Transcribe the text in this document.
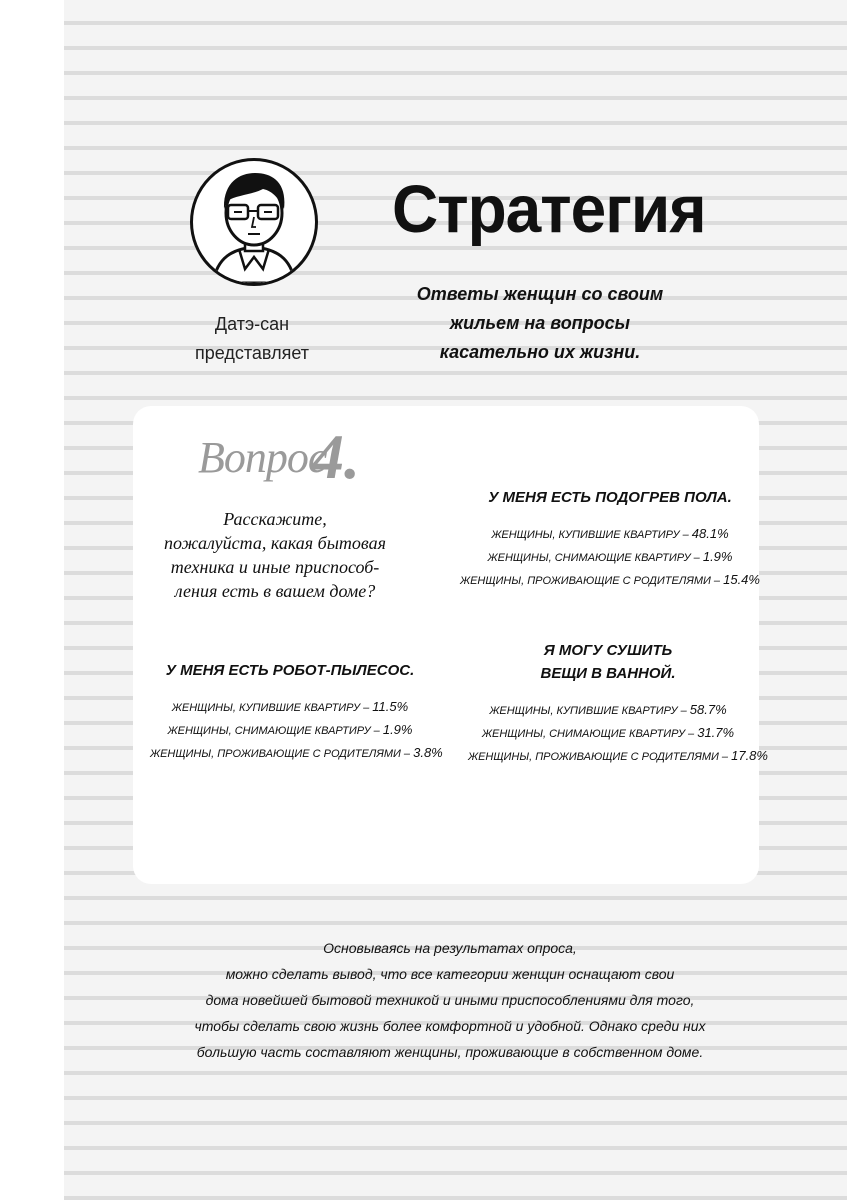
Датэ-сан
представляет
Стратегия
Ответы женщин со своим
жильем на вопросы
касательно их жизни.
Вопрос
4.
Расскажите,
пожалуйста, какая бытовая
техника и иные приспособ-
ления есть в вашем доме?
У МЕНЯ ЕСТЬ ПОДОГРЕВ ПОЛА.
ЖЕНЩИНЫ, КУПИВШИЕ КВАРТИРУ – 48.1%
ЖЕНЩИНЫ, СНИМАЮЩИЕ КВАРТИРУ – 1.9%
ЖЕНЩИНЫ, ПРОЖИВАЮЩИЕ С РОДИТЕЛЯМИ – 15.4%
У МЕНЯ ЕСТЬ РОБОТ-ПЫЛЕСОС.
ЖЕНЩИНЫ, КУПИВШИЕ КВАРТИРУ – 11.5%
ЖЕНЩИНЫ, СНИМАЮЩИЕ КВАРТИРУ – 1.9%
ЖЕНЩИНЫ, ПРОЖИВАЮЩИЕ С РОДИТЕЛЯМИ – 3.8%
Я МОГУ СУШИТЬ
ВЕЩИ В ВАННОЙ.
ЖЕНЩИНЫ, КУПИВШИЕ КВАРТИРУ – 58.7%
ЖЕНЩИНЫ, СНИМАЮЩИЕ КВАРТИРУ – 31.7%
ЖЕНЩИНЫ, ПРОЖИВАЮЩИЕ С РОДИТЕЛЯМИ – 17.8%
Основываясь на результатах опроса,
можно сделать вывод, что все категории женщин оснащают свои
дома новейшей бытовой техникой и иными приспособлениями для того,
чтобы сделать свою жизнь более комфортной и удобной. Однако среди них
большую часть составляют женщины, проживающие в собственном доме.
